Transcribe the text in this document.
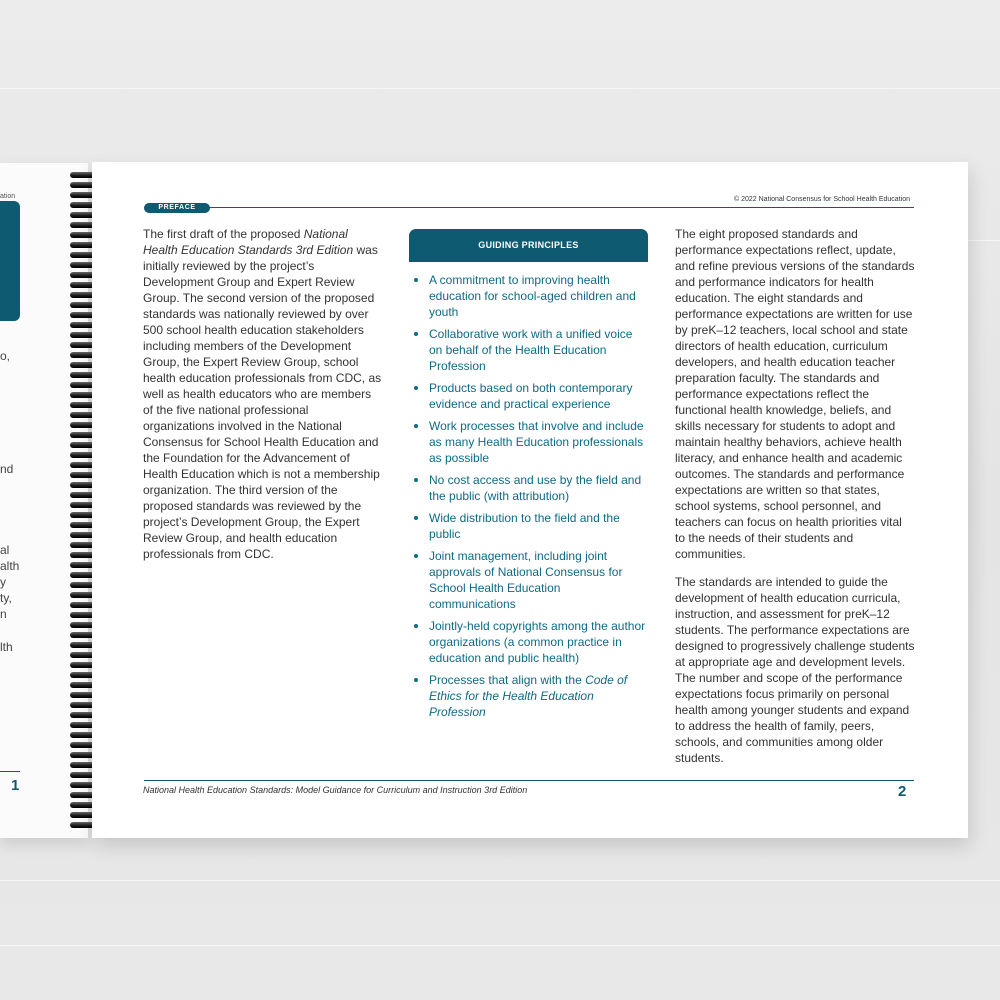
ation
o,
nd
al
alth
y
ty,
n
lth
1
PREFACE
© 2022 National Consensus for School Health Education
The first draft of the proposed National Health Education Standards 3rd Edition was initially reviewed by the project’s Development Group and Expert Review Group. The second version of the proposed standards was nationally reviewed by over 500 school health education stakeholders including members of the Development Group, the Expert Review Group, school health education professionals from CDC, as well as health educators who are members of the five national professional organizations involved in the National Consensus for School Health Education and the Foundation for the Advancement of Health Education which is not a membership organization. The third version of the proposed standards was reviewed by the project’s Development Group, the Expert Review Group, and health education professionals from CDC.
GUIDING PRINCIPLES
A commitment to improving health education for school-aged children and youth
Collaborative work with a unified voice on behalf of the Health Education Profession
Products based on both contemporary evidence and practical experience
Work processes that involve and include as many Health Education professionals as possible
No cost access and use by the field and the public (with attribution)
Wide distribution to the field and the public
Joint management, including joint approvals of National Consensus for School Health Education communications
Jointly-held copyrights among the author organizations (a common practice in education and public health)
Processes that align with the Code of Ethics for the Health Education Profession

The eight proposed standards and performance expectations reflect, update, and refine previous versions of the standards and performance indicators for health education. The eight standards and performance expectations are written for use by preK–12 teachers, local school and state directors of health education, curriculum developers, and health education teacher preparation faculty. The standards and performance expectations reflect the functional health knowledge, beliefs, and skills necessary for students to adopt and maintain healthy behaviors, achieve health literacy, and enhance health and academic outcomes. The standards and performance expectations are written so that states, school systems, school personnel, and teachers can focus on health priorities vital to the needs of their students and communities.

The standards are intended to guide the development of health education curricula, instruction, and assessment for preK–12 students. The performance expectations are designed to progressively challenge students at appropriate age and development levels. The number and scope of the performance expectations focus primarily on personal health among younger students and expand to address the health of family, peers, schools, and communities among older students.

National Health Education Standards: Model Guidance for Curriculum and Instruction 3rd Edition	2
